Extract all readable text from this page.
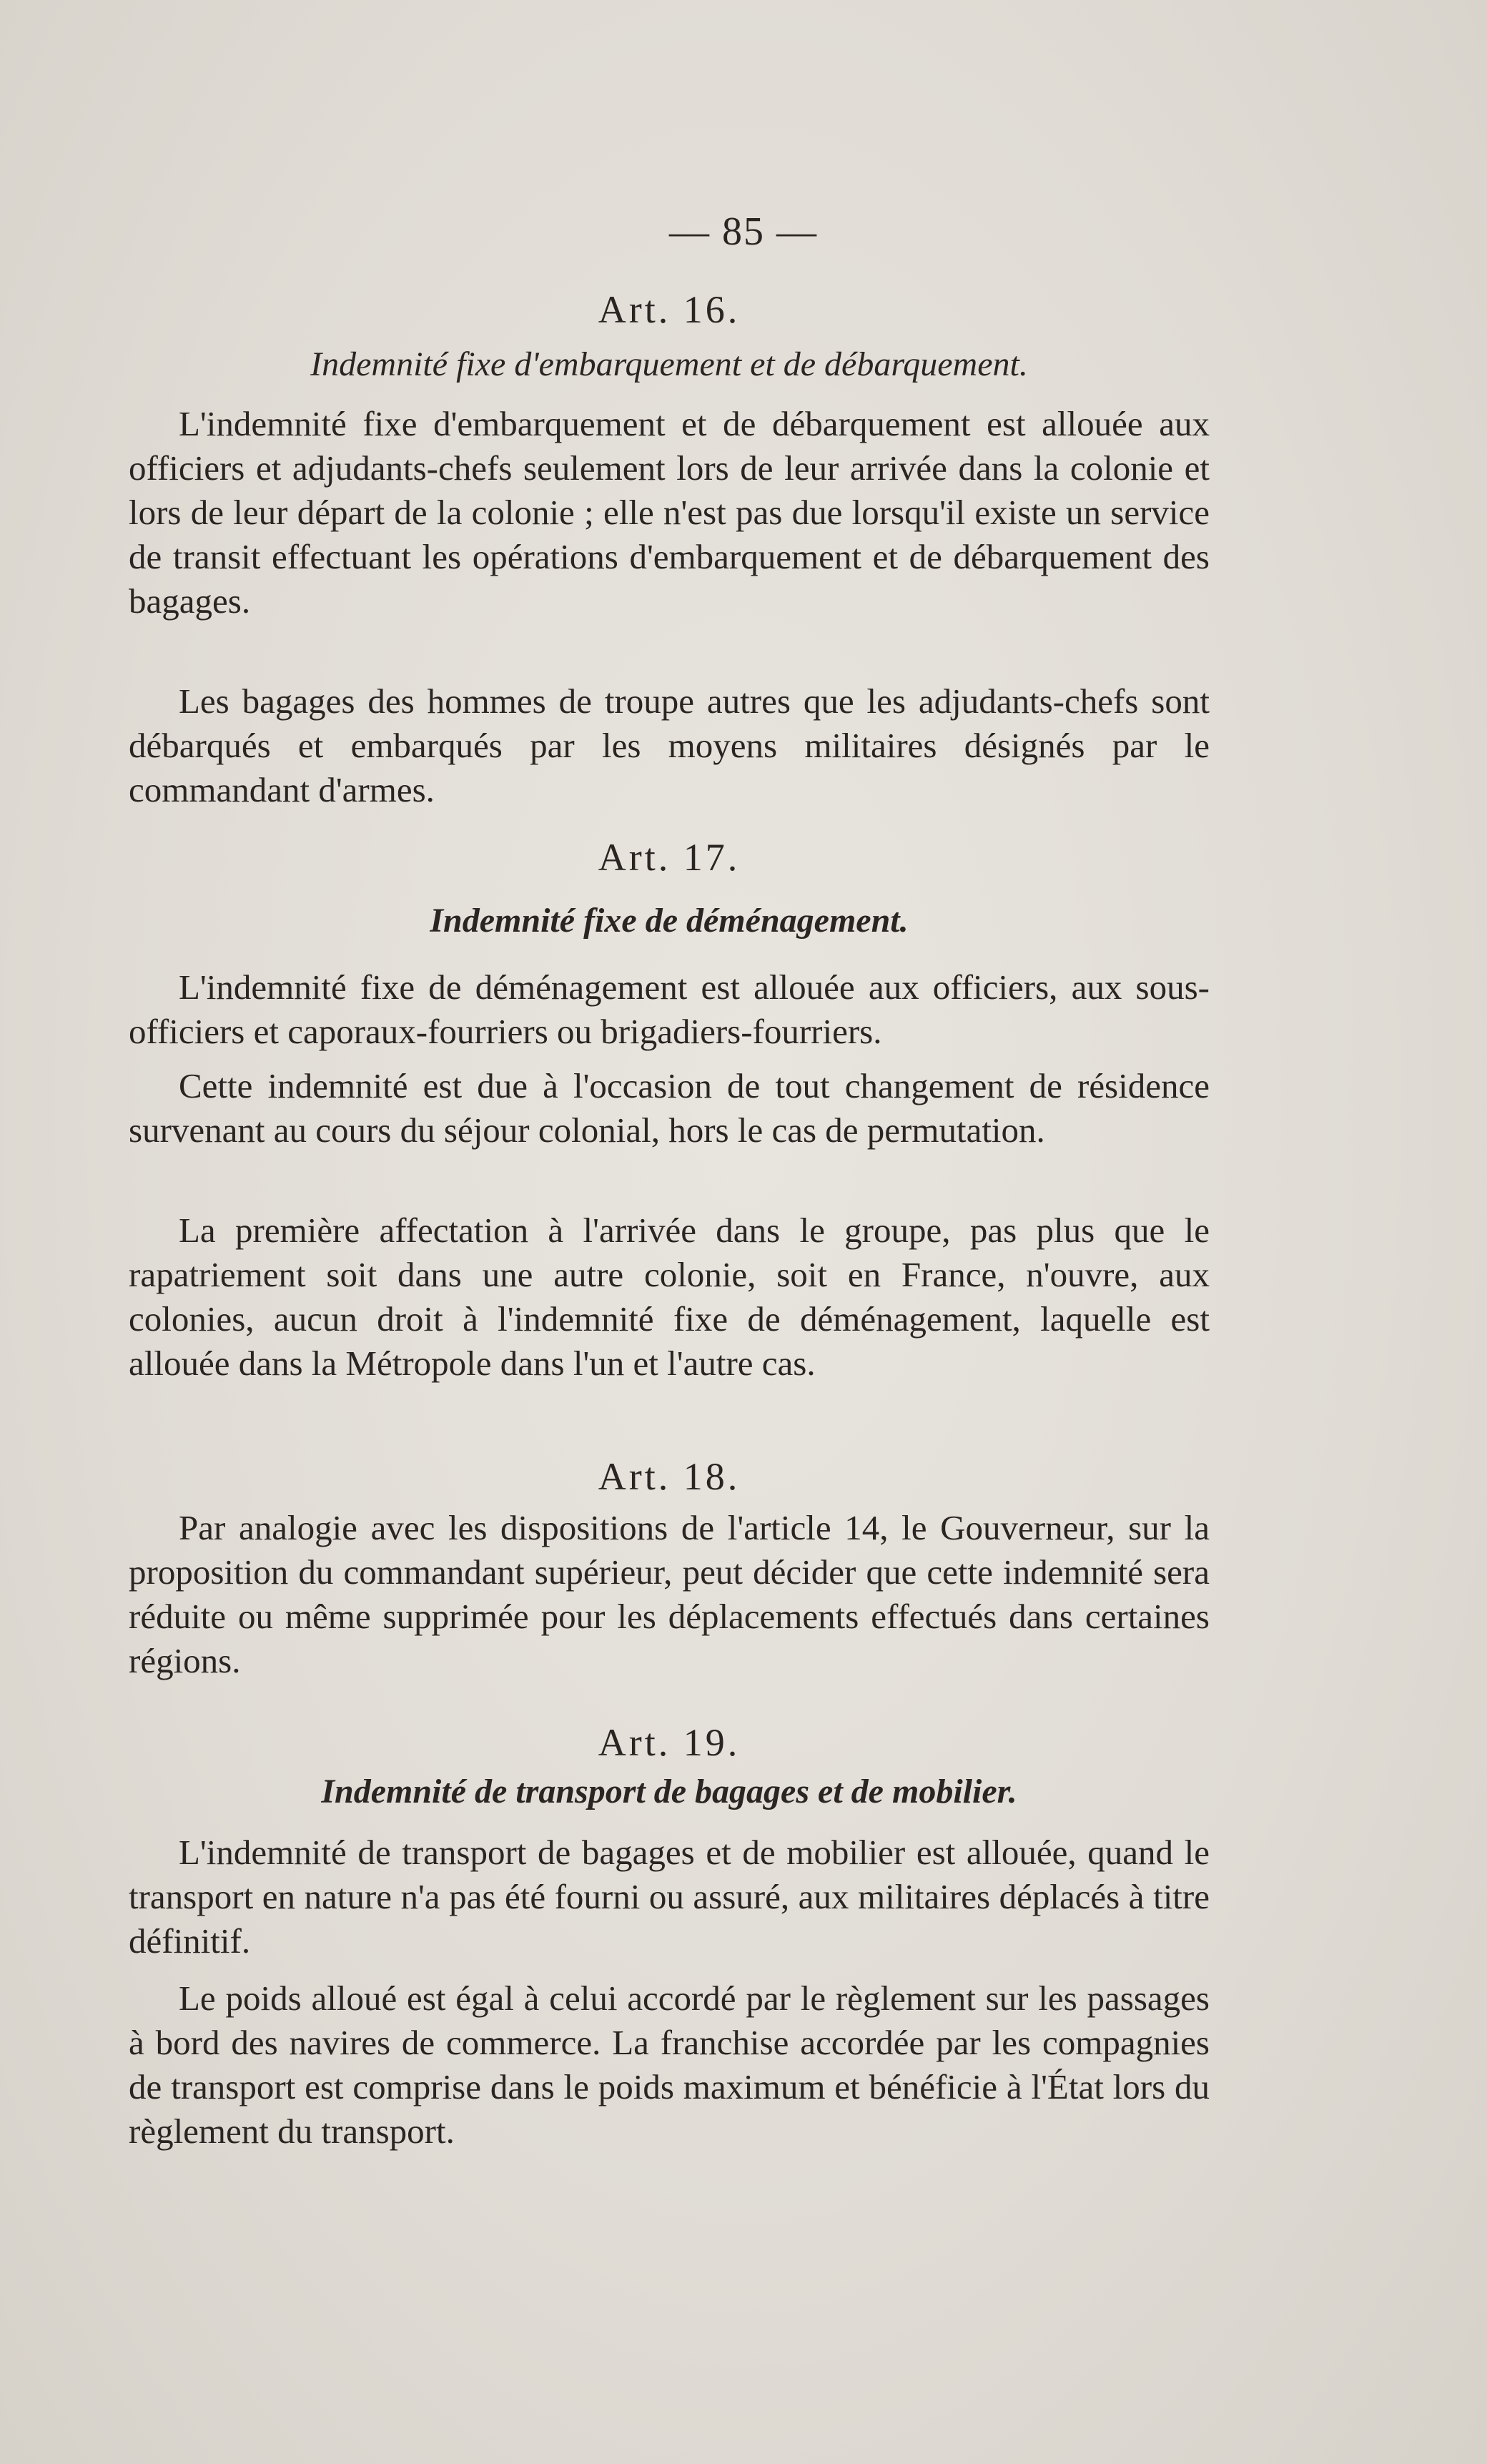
— 85 —
Art. 16.
Indemnité fixe d'embarquement et de débarquement.

L'indemnité fixe d'embarquement et de débarquement est allouée aux officiers et adjudants-chefs seulement lors de leur arrivée dans la colonie et lors de leur départ de la colonie ; elle n'est pas due lorsqu'il existe un service de transit effectuant les opérations d'embarquement et de débarquement des bagages.

Les bagages des hommes de troupe autres que les adjudants-chefs sont débarqués et embarqués par les moyens militaires désignés par le commandant d'armes.

Art. 17.
Indemnité fixe de déménagement.

L'indemnité fixe de déménagement est allouée aux officiers, aux sous-officiers et caporaux-fourriers ou brigadiers-fourriers.

Cette indemnité est due à l'occasion de tout changement de résidence survenant au cours du séjour colonial, hors le cas de permutation.

La première affectation à l'arrivée dans le groupe, pas plus que le rapatriement soit dans une autre colonie, soit en France, n'ouvre, aux colonies, aucun droit à l'indemnité fixe de déménagement, laquelle est allouée dans la Métropole dans l'un et l'autre cas.

Art. 18.

Par analogie avec les dispositions de l'article 14, le Gouverneur, sur la proposition du commandant supérieur, peut décider que cette indemnité sera réduite ou même supprimée pour les déplacements effectués dans certaines régions.

Art. 19.
Indemnité de transport de bagages et de mobilier.

L'indemnité de transport de bagages et de mobilier est allouée, quand le transport en nature n'a pas été fourni ou assuré, aux militaires déplacés à titre définitif.

Le poids alloué est égal à celui accordé par le règlement sur les passages à bord des navires de commerce. La franchise accordée par les compagnies de transport est comprise dans le poids maximum et bénéficie à l'État lors du règlement du transport.
